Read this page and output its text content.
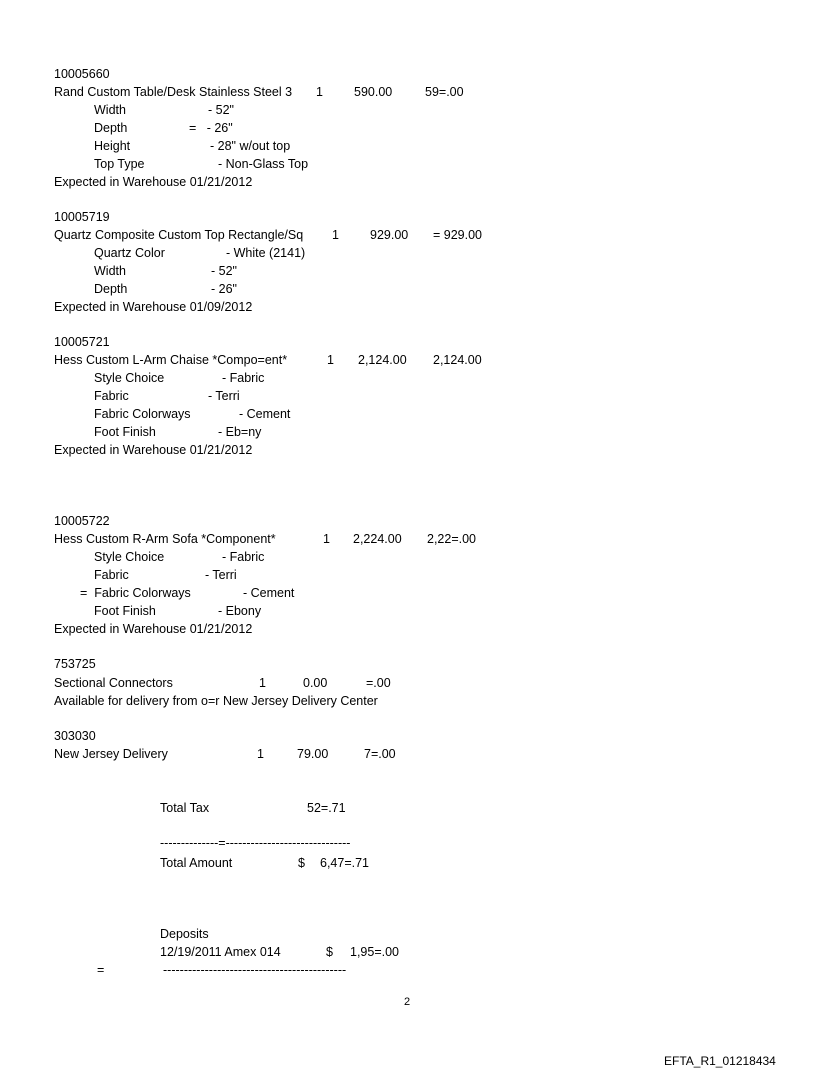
10005660
Rand Custom Table/Desk Stainless Steel 3 1 590.00	59=.00
Width	- 52"
Depth	=   - 26"
Height	- 28" w/out top
Top Type	- Non-Glass Top
Expected in Warehouse 01/21/2012
10005719
Quartz Composite Custom Top Rectangle/Sq 1 929.00 = 929.00
Quartz Color	- White (2141)
Width	- 52"
Depth	- 26"
Expected in Warehouse 01/09/2012
10005721
Hess Custom L-Arm Chaise *Compo=ent*	1 2,124.00 2,124.00
Style Choice	- Fabric
Fabric	- Terri
Fabric Colorways	- Cement
Foot Finish	- Eb=ny
Expected in Warehouse 01/21/2012
10005722
Hess Custom R-Arm Sofa *Component*	1 2,224.00 2,22=.00
Style Choice	- Fabric
Fabric	- Terri
=  Fabric Colorways	- Cement
Foot Finish	- Ebony
Expected in Warehouse 01/21/2012
753725
Sectional Connectors	1	0.00	=.00
Available for delivery from o=r New Jersey Delivery Center
303030
New Jersey Delivery	1	79.00	7=.00
Total Tax	52=.71
--------------=------------------------------
Total Amount	$ 6,47=.71
Deposits
12/19/2011 Amex 014	$ 1,95=.00
=	--------------------------------------------
2
EFTA_R1_01218434
